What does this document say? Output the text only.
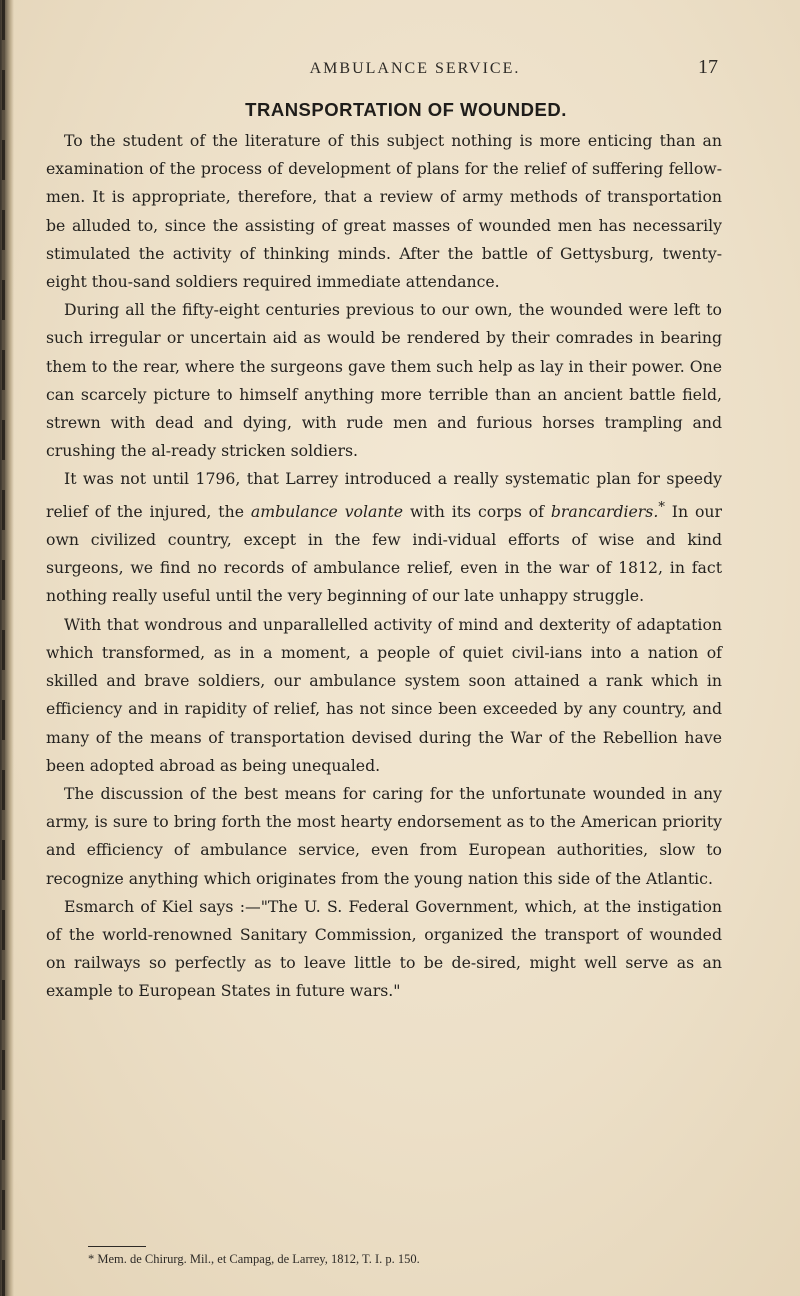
AMBULANCE SERVICE.	17
TRANSPORTATION OF WOUNDED.

To the student of the literature of this subject nothing is more enticing than an examination of the process of development of plans for the relief of suffering fellow-men. It is appropriate, therefore, that a review of army methods of transportation be alluded to, since the assisting of great masses of wounded men has necessarily stimulated the activity of thinking minds. After the battle of Gettysburg, twenty-eight thou-sand soldiers required immediate attendance.

During all the fifty-eight centuries previous to our own, the wounded were left to such irregular or uncertain aid as would be rendered by their comrades in bearing them to the rear, where the surgeons gave them such help as lay in their power. One can scarcely picture to himself anything more terrible than an ancient battle field, strewn with dead and dying, with rude men and furious horses trampling and crushing the al-ready stricken soldiers.

It was not until 1796, that Larrey introduced a really systematic plan for speedy relief of the injured, the ambulance volante with its corps of brancardiers.* In our own civilized country, except in the few indi-vidual efforts of wise and kind surgeons, we find no records of ambulance relief, even in the war of 1812, in fact nothing really useful until the very beginning of our late unhappy struggle.

With that wondrous and unparallelled activity of mind and dexterity of adaptation which transformed, as in a moment, a people of quiet civil-ians into a nation of skilled and brave soldiers, our ambulance system soon attained a rank which in efficiency and in rapidity of relief, has not since been exceeded by any country, and many of the means of transportation devised during the War of the Rebellion have been adopted abroad as being unequaled.

The discussion of the best means for caring for the unfortunate wounded in any army, is sure to bring forth the most hearty endorsement as to the American priority and efficiency of ambulance service, even from European authorities, slow to recognize anything which originates from the young nation this side of the Atlantic.

Esmarch of Kiel says :—"The U. S. Federal Government, which, at the instigation of the world-renowned Sanitary Commission, organized the transport of wounded on railways so perfectly as to leave little to be de-sired, might well serve as an example to European States in future wars."

* Mem. de Chirurg. Mil., et Campag, de Larrey, 1812, T. I. p. 150.
